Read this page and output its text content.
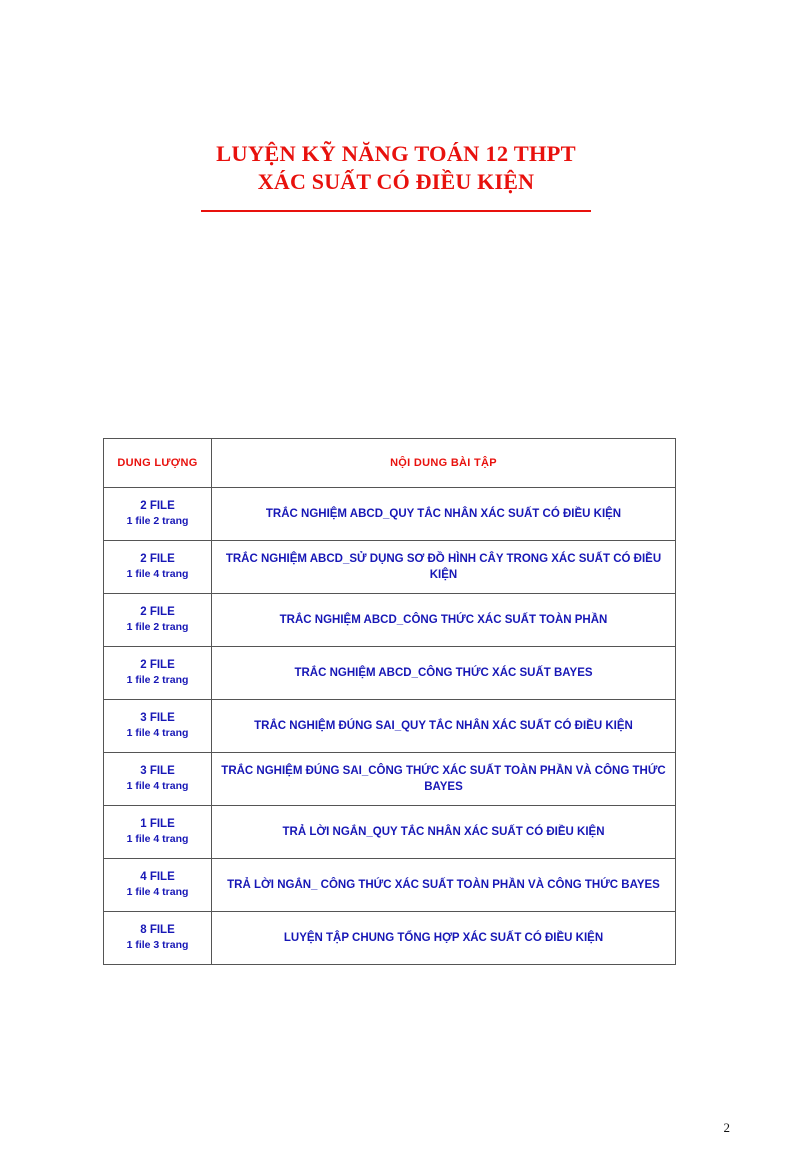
LUYỆN KỸ NĂNG TOÁN 12 THPT
XÁC SUẤT CÓ ĐIỀU KIỆN
DUNG LƯỢNG	NỘI DUNG BÀI TẬP

2 FILE
1 file 2 trang	TRẮC NGHIỆM ABCD_QUY TẮC NHÂN XÁC SUẤT CÓ ĐIỀU KIỆN

2 FILE
1 file 4 trang	TRẮC NGHIỆM ABCD_SỬ DỤNG SƠ ĐỒ HÌNH CÂY TRONG XÁC SUẤT CÓ ĐIỀU KIỆN

2 FILE
1 file 2 trang	TRẮC NGHIỆM ABCD_CÔNG THỨC XÁC SUẤT TOÀN PHẦN

2 FILE
1 file 2 trang	TRẮC NGHIỆM ABCD_CÔNG THỨC XÁC SUẤT BAYES

3 FILE
1 file 4 trang	TRẮC NGHIỆM ĐÚNG SAI_QUY TẮC NHÂN XÁC SUẤT CÓ ĐIỀU KIỆN

3 FILE
1 file 4 trang	TRẮC NGHIỆM ĐÚNG SAI_CÔNG THỨC XÁC SUẤT TOÀN PHẦN VÀ CÔNG THỨC BAYES

1 FILE
1 file 4 trang	TRẢ LỜI NGẮN_QUY TẮC NHÂN XÁC SUẤT CÓ ĐIỀU KIỆN

4 FILE
1 file 4 trang	TRẢ LỜI NGẮN_ CÔNG THỨC XÁC SUẤT TOÀN PHẦN VÀ CÔNG THỨC BAYES

8 FILE
1 file 3 trang	LUYỆN TẬP CHUNG TỔNG HỢP XÁC SUẤT CÓ ĐIỀU KIỆN
2
